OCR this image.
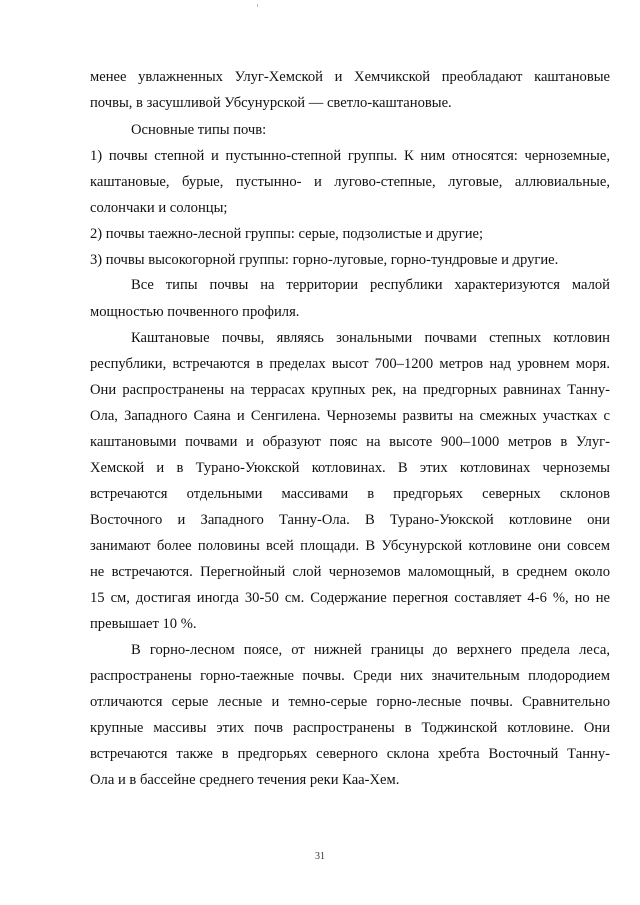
менее увлажненных Улуг-Хемской и Хемчикской преобладают каштановые
почвы, в засушливой Убсунурской — светло-каштановые.
Основные типы почв:
1) почвы степной и пустынно-степной группы. К ним относятся: черноземные,
каштановые, бурые, пустынно- и лугово-степные, луговые, аллювиальные,
солончаки и солонцы;
2) почвы таежно-лесной группы: серые, подзолистые и другие;
3) почвы высокогорной группы: горно-луговые, горно-тундровые и другие.
Все типы почвы на территории республики характеризуются малой
мощностью почвенного профиля.
Каштановые почвы, являясь зональными почвами степных котловин
республики, встречаются в пределах высот 700–1200 метров над уровнем моря.
Они распространены на террасах крупных рек, на предгорных равнинах Танну-
Ола, Западного Саяна и Сенгилена. Черноземы развиты на смежных участках с
каштановыми почвами и образуют пояс на высоте 900–1000 метров в Улуг-
Хемской и в Турано-Уюкской котловинах. В этих котловинах черноземы
встречаются отдельными массивами в предгорьях северных склонов
Восточного и Западного Танну-Ола. В Турано-Уюкской котловине они
занимают более половины всей площади. В Убсунурской котловине они совсем
не встречаются. Перегнойный слой черноземов маломощный, в среднем около
15 см, достигая иногда 30-50 см. Содержание перегноя составляет 4-6 %, но не
превышает 10 %.
В горно-лесном поясе, от нижней границы до верхнего предела леса,
распространены горно-таежные почвы. Среди них значительным плодородием
отличаются серые лесные и темно-серые горно-лесные почвы. Сравнительно
крупные массивы этих почв распространены в Тоджинской котловине. Они
встречаются также в предгорьях северного склона хребта Восточный Танну-
Ола и в бассейне среднего течения реки Каа-Хем.
31
